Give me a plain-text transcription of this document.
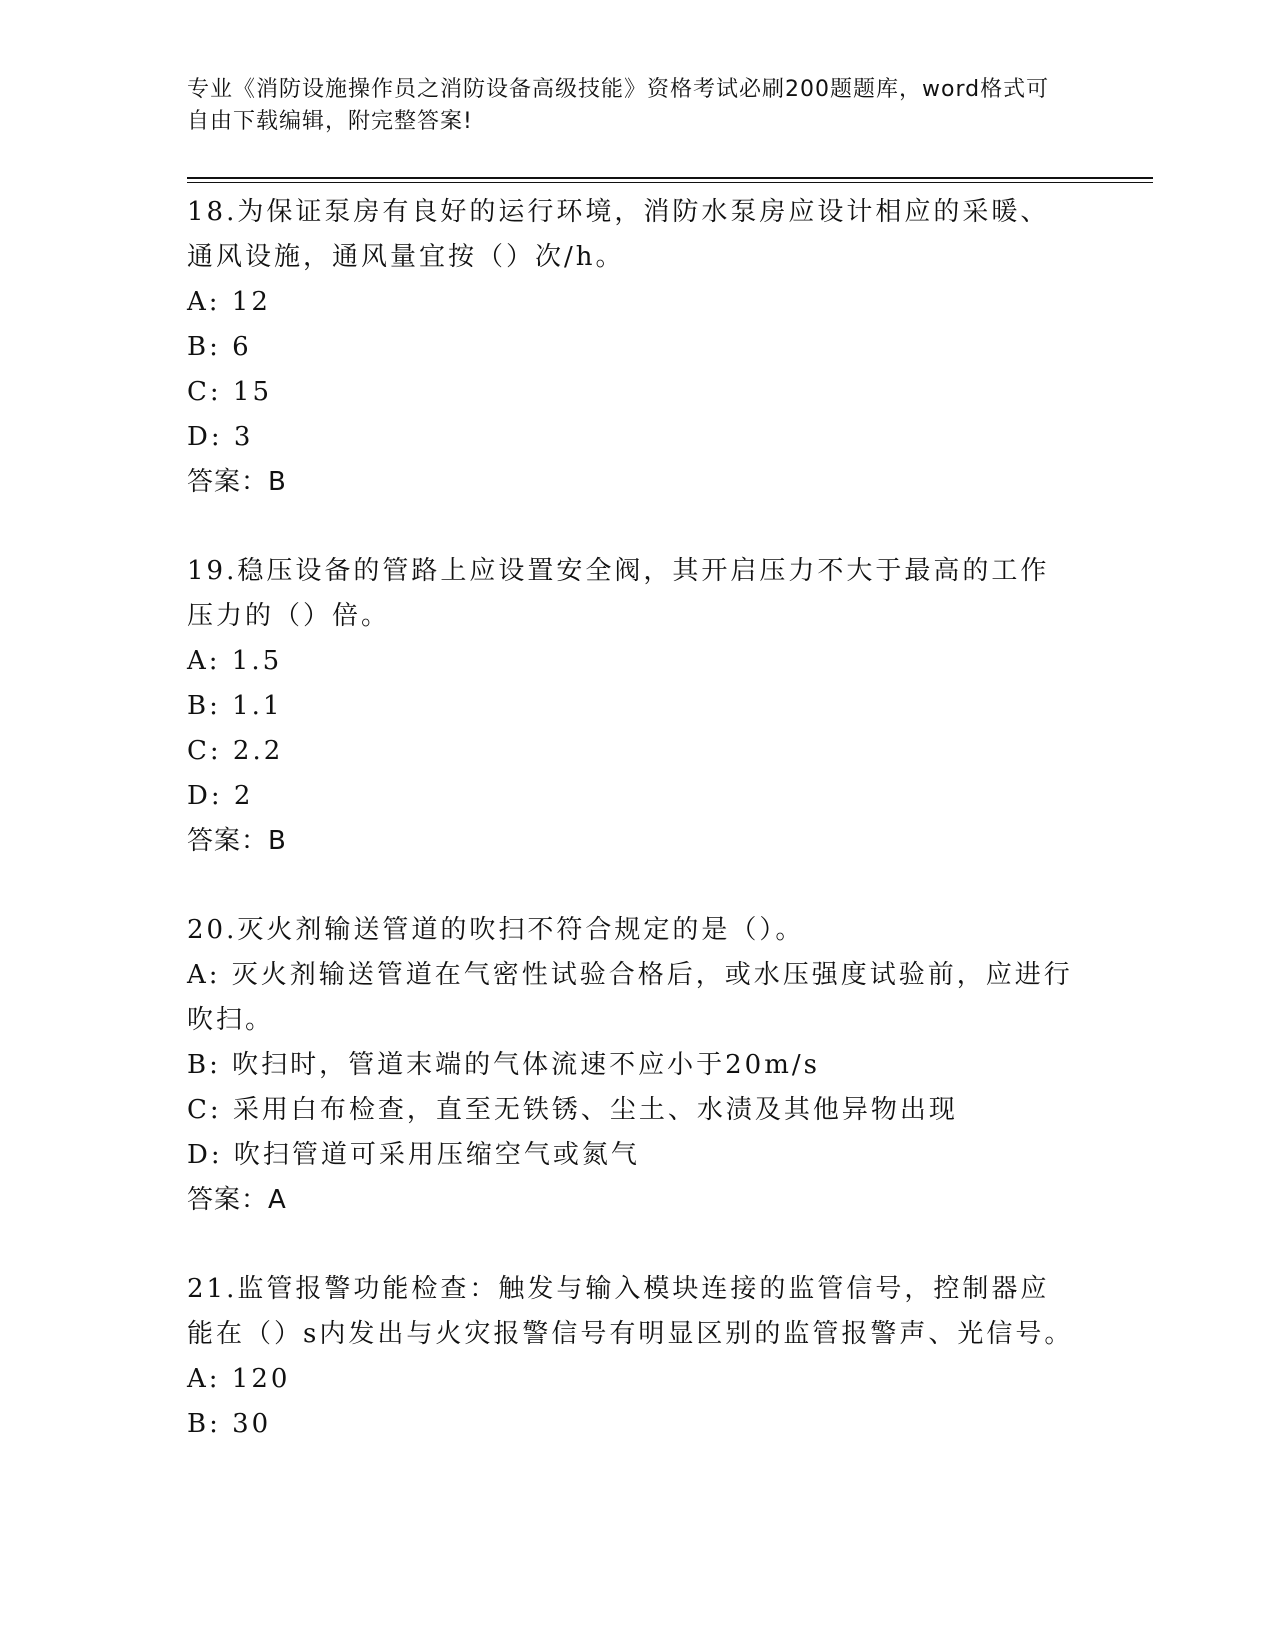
专业《消防设施操作员之消防设备高级技能》资格考试必刷200题题库，word格式可自由下载编辑，附完整答案!
18.为保证泵房有良好的运行环境，消防水泵房应设计相应的采暖、通风设施，通风量宜按（）次/h。
A: 12
B: 6
C: 15
D: 3
答案：B
19.稳压设备的管路上应设置安全阀，其开启压力不大于最高的工作压力的（）倍。
A: 1.5
B: 1.1
C: 2.2
D: 2
答案：B
20.灭火剂输送管道的吹扫不符合规定的是（）。
A: 灭火剂输送管道在气密性试验合格后，或水压强度试验前，应进行吹扫。
B: 吹扫时，管道末端的气体流速不应小于20m/s
C: 采用白布检查，直至无铁锈、尘土、水渍及其他异物出现
D: 吹扫管道可采用压缩空气或氮气
答案：A
21.监管报警功能检查：触发与输入模块连接的监管信号，控制器应能在（）s内发出与火灾报警信号有明显区别的监管报警声、光信号。
A: 120
B: 30
